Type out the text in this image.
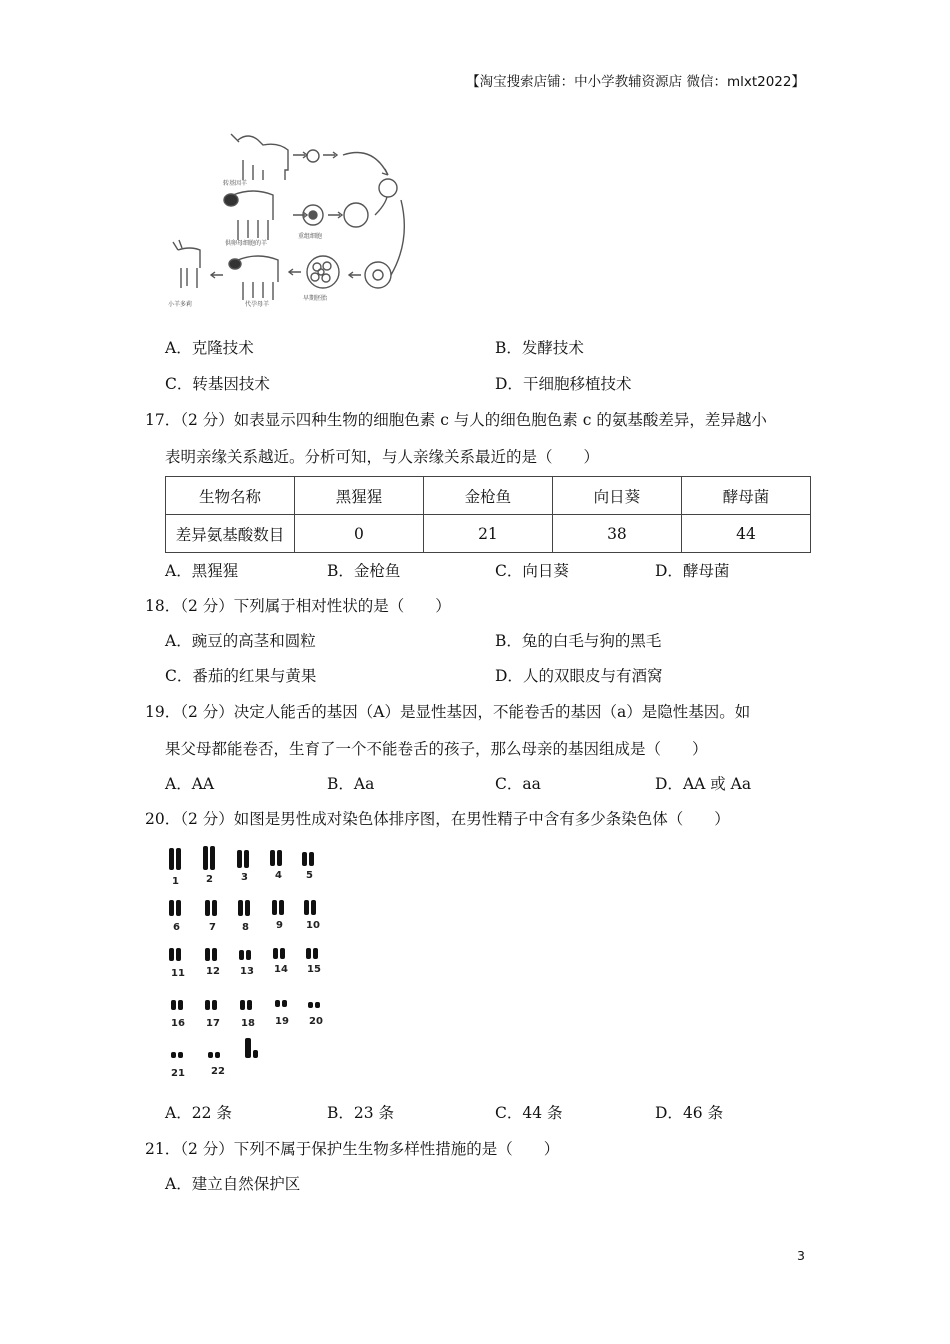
【淘宝搜索店铺：中小学教辅资源店 微信：mlxt2022】
转基因羊
供卵母细胞的羊
代孕母羊
小羊多莉
重组细胞
早期胚胎
A．克隆技术	B．发酵技术
C．转基因技术	D．干细胞移植技术
17．（2 分）如表显示四种生物的细胞色素 c 与人的细色胞色素 c 的氨基酸差异，差异越小
表明亲缘关系越近。分析可知，与人亲缘关系最近的是（　　）
生物名称	黑猩猩	金枪鱼	向日葵	酵母菌
差异氨基酸数目	0	21	38	44
A．黑猩猩	B．金枪鱼	C．向日葵	D．酵母菌
18．（2 分）下列属于相对性状的是（　　）
A．豌豆的高茎和圆粒	B．兔的白毛与狗的黑毛
C．番茄的红果与黄果	D．人的双眼皮与有酒窝
19．（2 分）决定人能舌的基因（A）是显性基因，不能卷舌的基因（a）是隐性基因。如
果父母都能卷否，生育了一个不能卷舌的孩子，那么母亲的基因组成是（　　）
A．AA	B．Aa	C．aa	D．AA 或 Aa
20．（2 分）如图是男性成对染色体排序图，在男性精子中含有多少条染色体（　　）
1	2	3	4 5
6	7	8	9 10
11 12 13 14 15
16 17 18 19 20
21	22
A．22 条	B．23 条	C．44 条	D．46 条
21．（2 分）下列不属于保护生生物多样性措施的是（　　）
A．建立自然保护区
3
